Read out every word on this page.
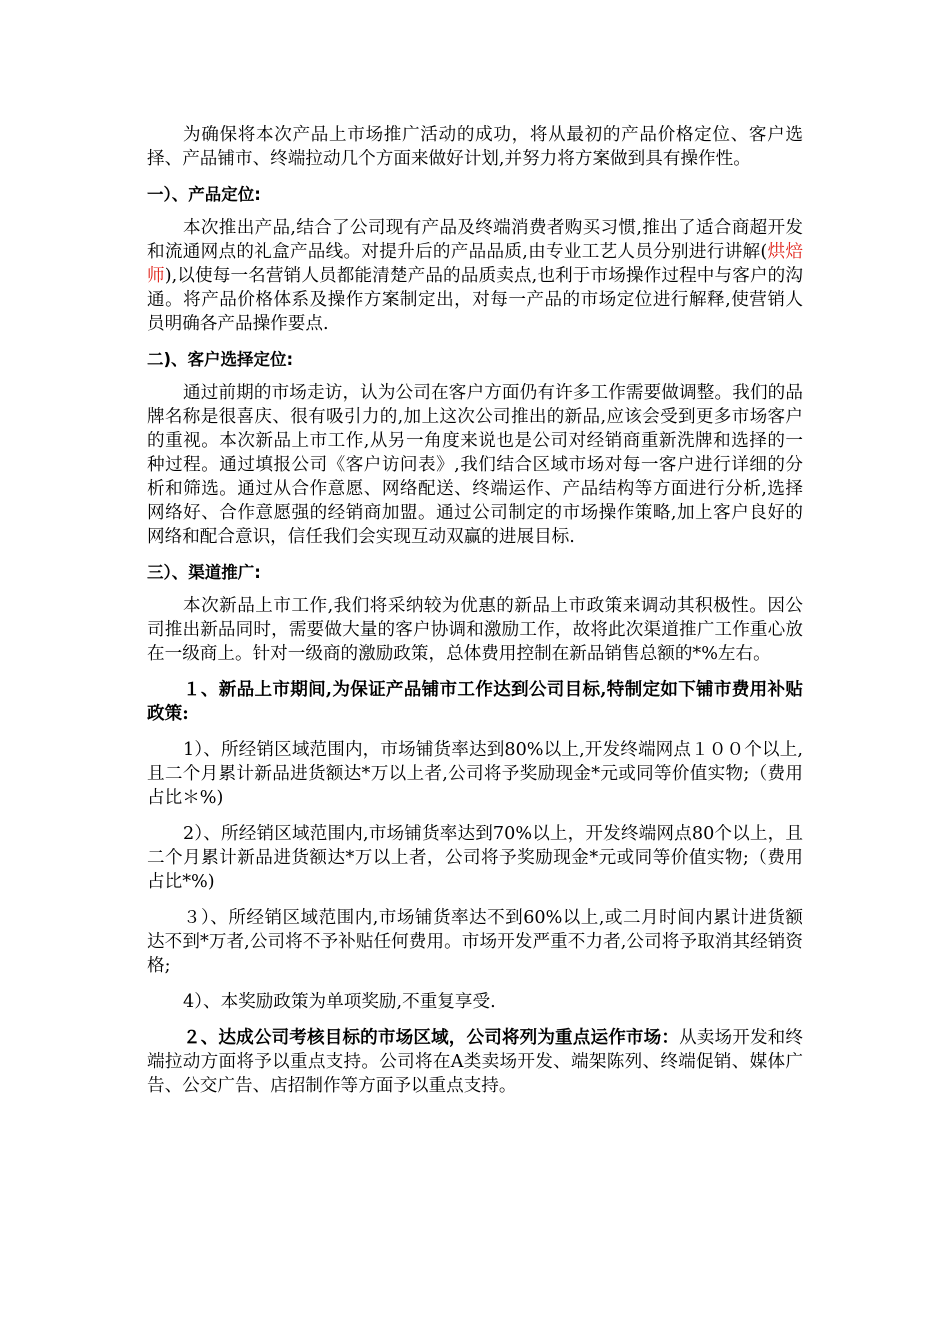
为确保将本次产品上市场推广活动的成功，将从最初的产品价格定位、客户选择、产品铺市、终端拉动几个方面来做好计划,并努力将方案做到具有操作性。

一）、产品定位:

本次推出产品,结合了公司现有产品及终端消费者购买习惯,推出了适合商超开发和流通网点的礼盒产品线。对提升后的产品品质,由专业工艺人员分别进行讲解(烘焙师),以使每一名营销人员都能清楚产品的品质卖点,也利于市场操作过程中与客户的沟通。将产品价格体系及操作方案制定出，对每一产品的市场定位进行解释,使营销人员明确各产品操作要点.

二)、客户选择定位:

通过前期的市场走访，认为公司在客户方面仍有许多工作需要做调整。我们的品牌名称是很喜庆、很有吸引力的,加上这次公司推出的新品,应该会受到更多市场客户的重视。本次新品上市工作,从另一角度来说也是公司对经销商重新洗牌和选择的一种过程。通过填报公司《客户访问表》,我们结合区域市场对每一客户进行详细的分析和筛选。通过从合作意愿、网络配送、终端运作、产品结构等方面进行分析,选择网络好、合作意愿强的经销商加盟。通过公司制定的市场操作策略,加上客户良好的网络和配合意识，信任我们会实现互动双赢的进展目标.

三）、渠道推广:

本次新品上市工作,我们将采纳较为优惠的新品上市政策来调动其积极性。因公司推出新品同时，需要做大量的客户协调和激励工作，故将此次渠道推广工作重心放在一级商上。针对一级商的激励政策，总体费用控制在新品销售总额的*%左右。

１、新品上市期间,为保证产品铺市工作达到公司目标,特制定如下铺市费用补贴政策:

1）、所经销区域范围内，市场铺货率达到80%以上,开发终端网点１００个以上,且二个月累计新品进货额达*万以上者,公司将予奖励现金*元或同等价值实物;（费用占比＊%)

2）、所经销区域范围内,市场铺货率达到70%以上，开发终端网点80个以上，且二个月累计新品进货额达*万以上者，公司将予奖励现金*元或同等价值实物;（费用占比*%)

３）、所经销区域范围内,市场铺货率达不到60%以上,或二月时间内累计进货额达不到*万者,公司将不予补贴任何费用。市场开发严重不力者,公司将予取消其经销资格;

4）、本奖励政策为单项奖励,不重复享受.

２、达成公司考核目标的市场区域，公司将列为重点运作市场：从卖场开发和终端拉动方面将予以重点支持。公司将在A类卖场开发、端架陈列、终端促销、媒体广告、公交广告、店招制作等方面予以重点支持。
